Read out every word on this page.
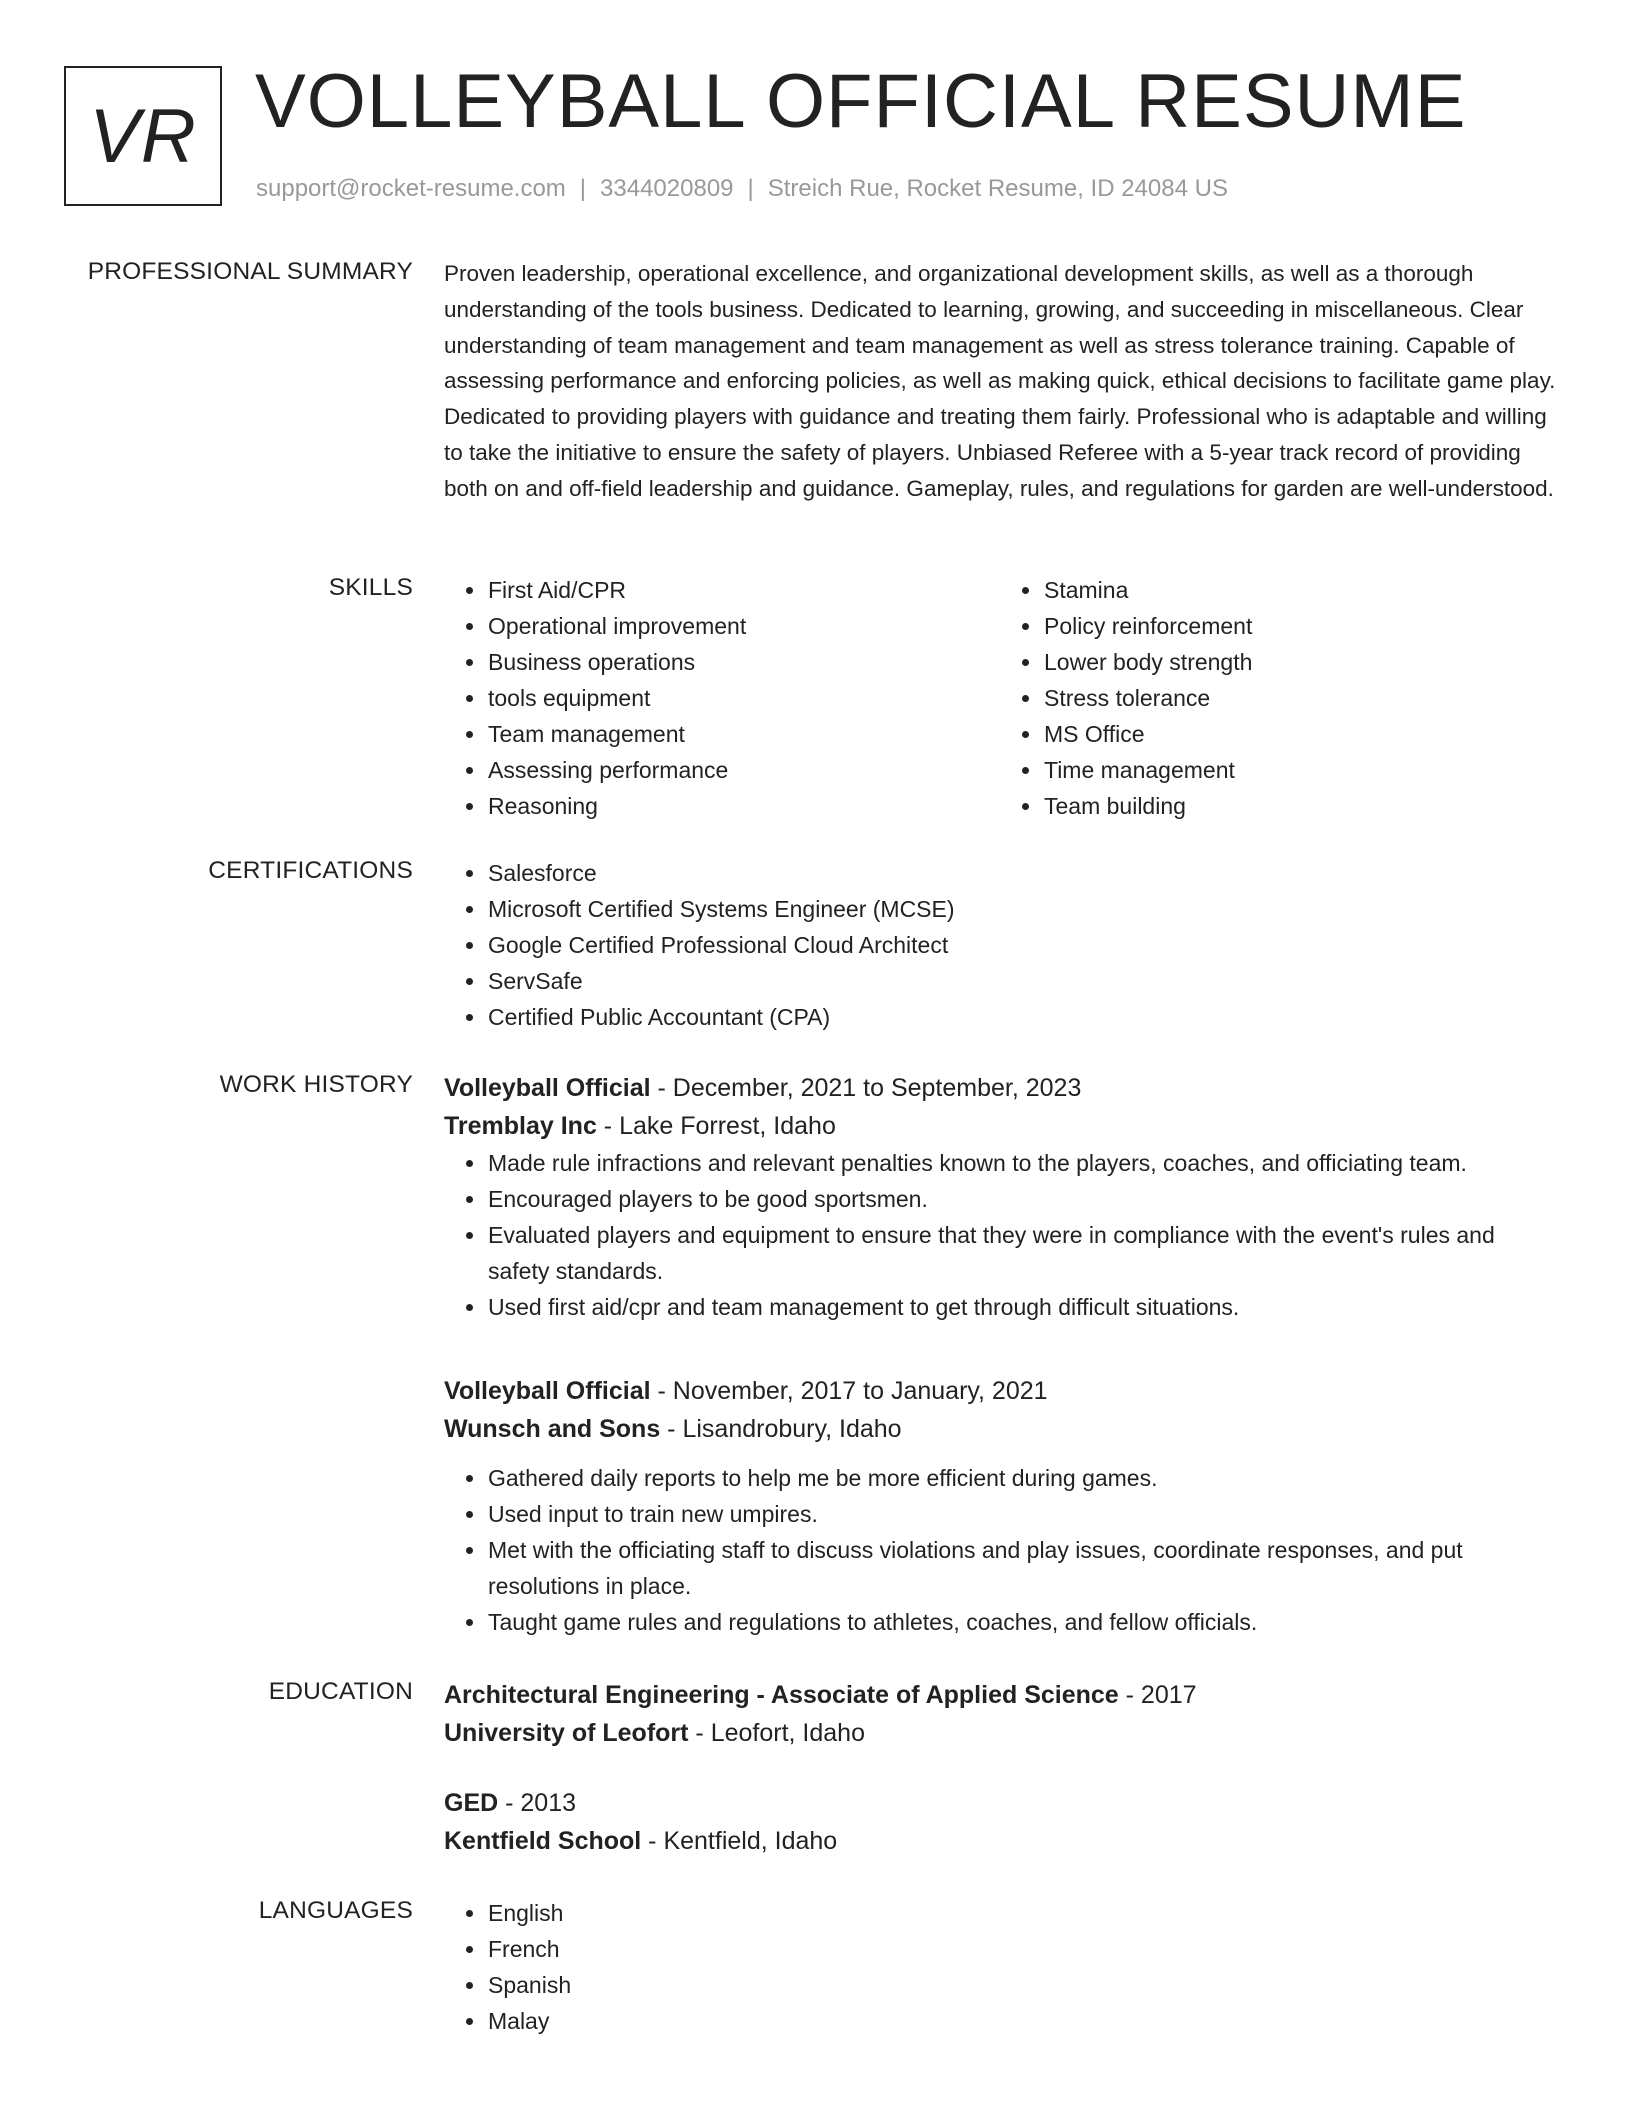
VR VOLLEYBALL OFFICIAL RESUME
support@rocket-resume.com | 3344020809 | Streich Rue, Rocket Resume, ID 24084 US
PROFESSIONAL SUMMARY Proven leadership, operational excellence, and organizational development skills, as well as a thorough understanding of the tools business. Dedicated to learning, growing, and succeeding in miscellaneous. Clear understanding of team management and team management as well as stress tolerance training. Capable of assessing performance and enforcing policies, as well as making quick, ethical decisions to facilitate game play. Dedicated to providing players with guidance and treating them fairly. Professional who is adaptable and willing to take the initiative to ensure the safety of players. Unbiased Referee with a 5-year track record of providing both on and off-field leadership and guidance. Gameplay, rules, and regulations for garden are well-understood.

SKILLS	• First Aid/CPR
• Operational improvement
• Business operations
• tools equipment
• Team management
• Assessing performance
• Reasoning
• Stamina
• Policy reinforcement
• Lower body strength
• Stress tolerance
• MS Office
• Time management
• Team building
CERTIFICATIONS	• Salesforce
• Microsoft Certified Systems Engineer (MCSE)
• Google Certified Professional Cloud Architect
• ServSafe
• Certified Public Accountant (CPA)
WORK HISTORY Volleyball Official - December, 2021 to September, 2023
Tremblay Inc - Lake Forrest, Idaho
• Made rule infractions and relevant penalties known to the players, coaches, and officiating team.
• Encouraged players to be good sportsmen.
• Evaluated players and equipment to ensure that they were in compliance with the event's rules and safety standards.
• Used first aid/cpr and team management to get through difficult situations.
Volleyball Official - November, 2017 to January, 2021
Wunsch and Sons - Lisandrobury, Idaho
• Gathered daily reports to help me be more efficient during games.
• Used input to train new umpires.
• Met with the officiating staff to discuss violations and play issues, coordinate responses, and put resolutions in place.
• Taught game rules and regulations to athletes, coaches, and fellow officials.
EDUCATION Architectural Engineering - Associate of Applied Science - 2017
University of Leofort - Leofort, Idaho
GED - 2013
Kentfield School - Kentfield, Idaho
LANGUAGES	• English
• French
• Spanish
• Malay
